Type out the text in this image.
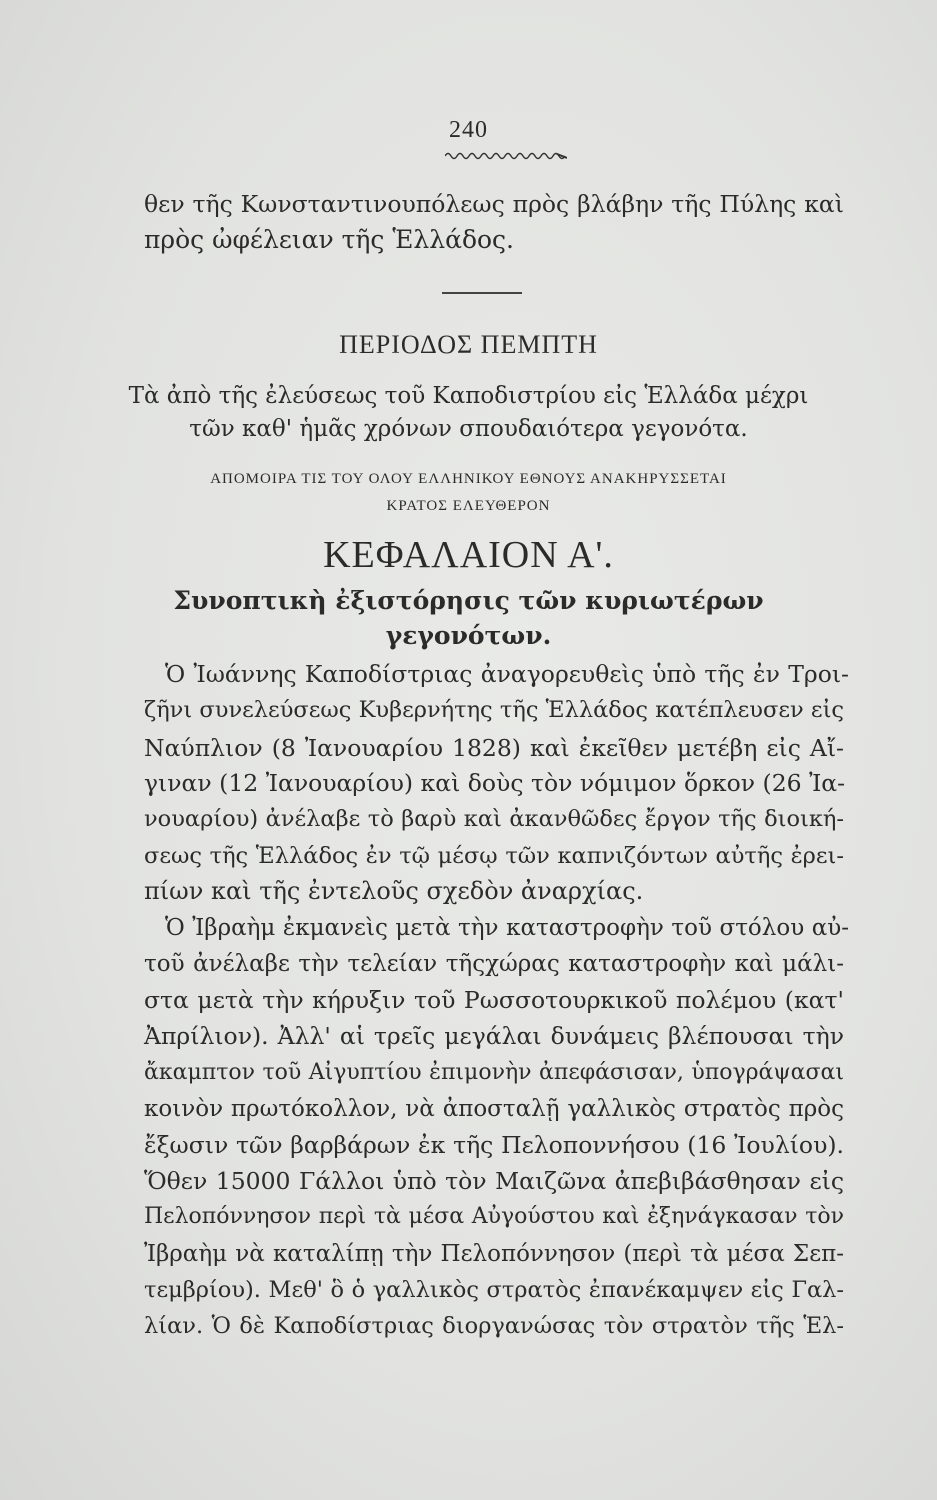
240
θεν τῆς Κωνσταντινουπόλεως πρὸς βλάβην τῆς Πύλης καὶ
πρὸς ὠφέλειαν τῆς Ἑλλάδος.
ΠΕΡΙΟΔΟΣ ΠΕΜΠΤΗ
Τὰ ἀπὸ τῆς ἐλεύσεως τοῦ Καποδιστρίου εἰς Ἑλλάδα μέχρι
τῶν καθ' ἡμᾶς χρόνων σπουδαιότερα γεγονότα.
ΑΠΟΜΟΙΡΑ ΤΙΣ ΤΟΥ ΟΛΟΥ ΕΛΛΗΝΙΚΟΥ ΕΘΝΟΥΣ ΑΝΑΚΗΡΥΣΣΕΤΑΙ
ΚΡΑΤΟΣ ΕΛΕΥΘΕΡΟΝ
ΚΕΦΑΛΑΙΟΝ Α'.
Συνοπτικὴ ἐξιστόρησις τῶν κυριωτέρων
γεγονότων.
Ὁ Ἰωάννης Καποδίστριας ἀναγορευθεὶς ὑπὸ τῆς ἐν Τροι-
ζῆνι συνελεύσεως Κυβερνήτης τῆς Ἑλλάδος κατέπλευσεν εἰς
Ναύπλιον (8 Ἰανουαρίου 1828) καὶ ἐκεῖθεν μετέβη εἰς Αἴ-
γιναν (12 Ἰανουαρίου) καὶ δοὺς τὸν νόμιμον ὅρκον (26 Ἰα-
νουαρίου) ἀνέλαβε τὸ βαρὺ καὶ ἀκανθῶδες ἔργον τῆς διοική-
σεως τῆς Ἑλλάδος ἐν τῷ μέσῳ τῶν καπνιζόντων αὐτῆς ἐρει-
πίων καὶ τῆς ἐντελοῦς σχεδὸν ἀναρχίας.
Ὁ Ἰβραὴμ ἐκμανεὶς μετὰ τὴν καταστροφὴν τοῦ στόλου αὐ-
τοῦ ἀνέλαβε τὴν τελείαν τῆςχώρας καταστροφὴν καὶ μάλι-
στα μετὰ τὴν κήρυξιν τοῦ Ρωσσοτουρκικοῦ πολέμου (κατ'
Ἀπρίλιον). Ἀλλ' αἱ τρεῖς μεγάλαι δυνάμεις βλέπουσαι τὴν
ἄκαμπτον τοῦ Αἰγυπτίου ἐπιμονὴν ἀπεφάσισαν, ὑπογράψασαι
κοινὸν πρωτόκολλον, νὰ ἀποσταλῇ γαλλικὸς στρατὸς πρὸς
ἔξωσιν τῶν βαρβάρων ἐκ τῆς Πελοποννήσου (16 Ἰουλίου).
Ὅθεν 15000 Γάλλοι ὑπὸ τὸν Μαιζῶνα ἀπεβιβάσθησαν εἰς
Πελοπόννησον περὶ τὰ μέσα Αὐγούστου καὶ ἐξηνάγκασαν τὸν
Ἰβραὴμ νὰ καταλίπῃ τὴν Πελοπόννησον (περὶ τὰ μέσα Σεπ-
τεμβρίου). Μεθ' ὃ ὁ γαλλικὸς στρατὸς ἐπανέκαμψεν εἰς Γαλ-
λίαν. Ὁ δὲ Καποδίστριας διοργανώσας τὸν στρατὸν τῆς Ἑλ-
